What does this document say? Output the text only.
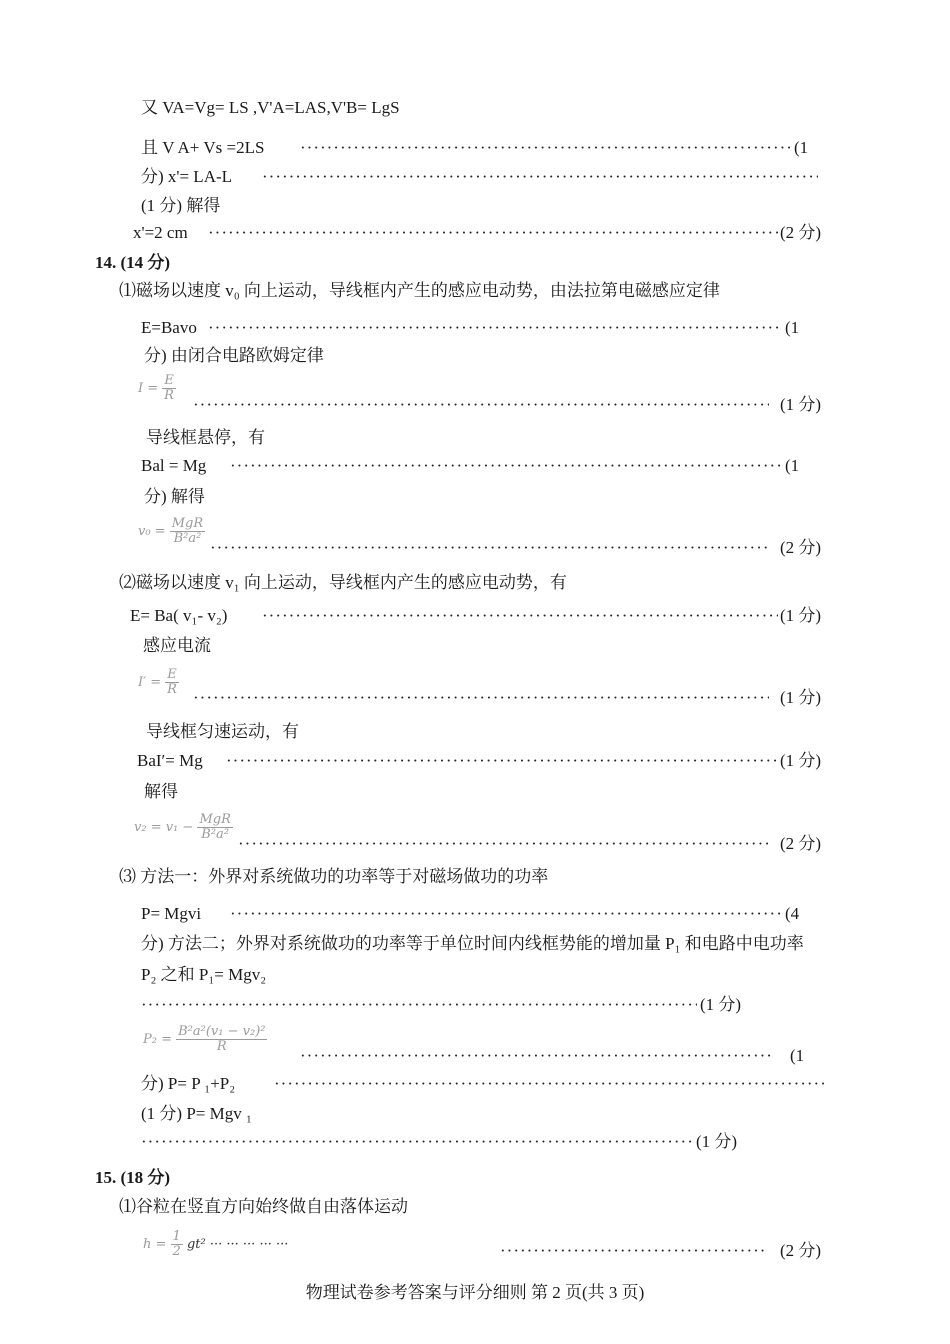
又 VA=Vg= LS ,V'A=LAS,V'B= LgS
且 V A+ Vs =2LS ·····	(1
分) x'= LA-L
·····
(1 分) 解得
x'=2 cm ·····	(2 分)
14. (14 分)
⑴磁场以速度 v₀ 向上运动，导线框内产生的感应电动势，由法拉第电磁感应定律
E=Bavo ·····	(1
分) 由闭合电路欧姆定律
$I = \frac{E}{R}$
·····
(1 分)
导线框悬停，有
Bal = Mg ·····	(1
分) 解得
v₀ =
MgR
B²a² ·····	(2 分)
⑵磁场以速度 v₁ 向上运动，导线框内产生的感应电动势，有
E= Ba( v₁- v₂) ·····	(1 分)
感应电流
$I' = \frac{E}{R}$
·····
(1 分)
导线框匀速运动，有
BaI′= Mg ·····	(1 分)
解得
v₂ = v₁ −
MgR
B²a² ·····	(2 分)
⑶ 方法一：外界对系统做功的功率等于对磁场做功的功率
P= Mgvi ·····	(4
分) 方法二；外界对系统做功的功率等于单位时间内线框势能的增加量 P₁ 和电路中电功率
P₂ 之和 P₁= Mgv₂
·····
(1 分)
$P_2 = \frac{\text{B²a²(v₁ − v₂)²}}{R}$
·····
(1
分) P= P ₁+P₂
·····
(1 分) P= Mgv ₁
·····
(1 分)
15. (18 分)
⑴谷粒在竖直方向始终做自由落体运动
$h = \frac{1}{2} gt^2$ ··· ··· ··· ··· ··· ·····	(2 分)
物理试卷参考答案与评分细则 第 2 页(共 3 页)
